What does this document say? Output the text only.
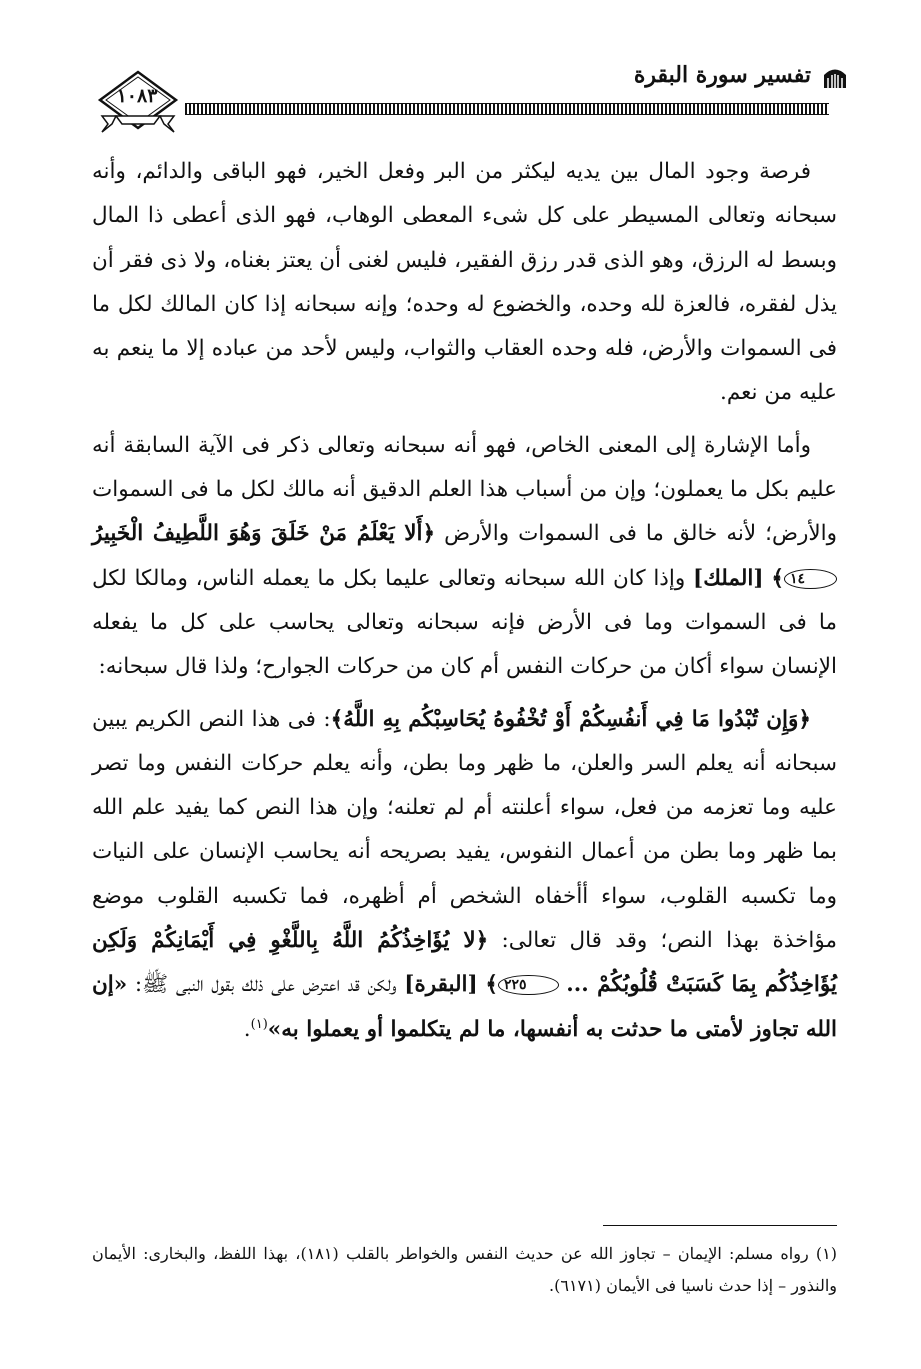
تفسير سورة البقرة
١٠٨٣

فرصة وجود المال بين يديه ليكثر من البر وفعل الخير، فهو الباقى والدائم، وأنه سبحانه وتعالى المسيطر على كل شىء المعطى الوهاب، فهو الذى أعطى ذا المال وبسط له الرزق، وهو الذى قدر رزق الفقير، فليس لغنى أن يعتز بغناه، ولا ذى فقر أن يذل لفقره، فالعزة لله وحده، والخضوع له وحده؛ وإنه سبحانه إذا كان المالك لكل ما فى السموات والأرض، فله وحده العقاب والثواب، وليس لأحد من عباده إلا ما ينعم به عليه من نعم.

وأما الإشارة إلى المعنى الخاص، فهو أنه سبحانه وتعالى ذكر فى الآية السابقة أنه عليم بكل ما يعملون؛ وإن من أسباب هذا العلم الدقيق أنه مالك لكل ما فى السموات والأرض؛ لأنه خالق ما فى السموات والأرض ﴿أَلا يَعْلَمُ مَنْ خَلَقَ وَهُوَ اللَّطِيفُ الْخَبِيرُ ١٤﴾ [الملك] وإذا كان الله سبحانه وتعالى عليما بكل ما يعمله الناس، ومالكا لكل ما فى السموات وما فى الأرض فإنه سبحانه وتعالى يحاسب على كل ما يفعله الإنسان سواء أكان من حركات النفس أم كان من حركات الجوارح؛ ولذا قال سبحانه:

﴿وَإِن تُبْدُوا مَا فِي أَنفُسِكُمْ أَوْ تُخْفُوهُ يُحَاسِبْكُم بِهِ اللَّهُ﴾: فى هذا النص الكريم يبين سبحانه أنه يعلم السر والعلن، ما ظهر وما بطن، وأنه يعلم حركات النفس وما تصر عليه وما تعزمه من فعل، سواء أعلنته أم لم تعلنه؛ وإن هذا النص كما يفيد علم الله بما ظهر وما بطن من أعمال النفوس، يفيد بصريحه أنه يحاسب الإنسان على النيات وما تكسبه القلوب، سواء أأخفاه الشخص أم أظهره، فما تكسبه القلوب موضع مؤاخذة بهذا النص؛ وقد قال تعالى: ﴿لا يُؤَاخِذُكُمُ اللَّهُ بِاللَّغْوِ فِي أَيْمَانِكُمْ وَلَكِن يُؤَاخِذُكُم بِمَا كَسَبَتْ قُلُوبُكُمْ ... ٢٢٥﴾ [البقرة] ولكن قد اعترض على ذلك بقول النبى ﷺ: «إن الله تجاوز لأمتى ما حدثت به أنفسها، ما لم يتكلموا أو يعملوا به»$^{(١)}$.

(١) رواه مسلم: الإيمان – تجاوز الله عن حديث النفس والخواطر بالقلب (١٨١)، بهذا اللفظ، والبخارى: الأيمان والنذور – إذا حدث ناسيا فى الأيمان (٦١٧١).
